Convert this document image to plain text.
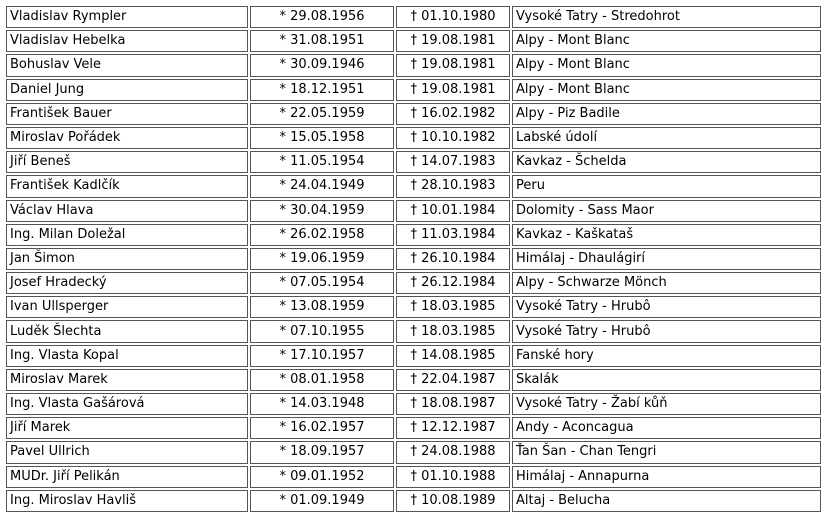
Vladislav Rympler	* 29.08.1956	† 01.10.1980	Vysoké Tatry - Stredohrot
Vladislav Hebelka	* 31.08.1951	† 19.08.1981	Alpy - Mont Blanc
Bohuslav Vele	* 30.09.1946	† 19.08.1981	Alpy - Mont Blanc
Daniel Jung	* 18.12.1951	† 19.08.1981	Alpy - Mont Blanc
František Bauer	* 22.05.1959	† 16.02.1982	Alpy - Piz Badile
Miroslav Pořádek	* 15.05.1958	† 10.10.1982	Labské údolí
Jiří Beneš	* 11.05.1954	† 14.07.1983	Kavkaz - Šchelda
František Kadlčík	* 24.04.1949	† 28.10.1983	Peru
Václav Hlava	* 30.04.1959	† 10.01.1984	Dolomity - Sass Maor
Ing. Milan Doležal	* 26.02.1958	† 11.03.1984	Kavkaz - Kaškataš
Jan Šimon	* 19.06.1959	† 26.10.1984	Himálaj - Dhaulágirí
Josef Hradecký	* 07.05.1954	† 26.12.1984	Alpy - Schwarze Mönch
Ivan Ullsperger	* 13.08.1959	† 18.03.1985	Vysoké Tatry - Hrubô
Luděk Šlechta	* 07.10.1955	† 18.03.1985	Vysoké Tatry - Hrubô
Ing. Vlasta Kopal	* 17.10.1957	† 14.08.1985	Fanské hory
Miroslav Marek	* 08.01.1958	† 22.04.1987	Skalák
Ing. Vlasta Gašárová	* 14.03.1948	† 18.08.1987	Vysoké Tatry - Žabí kůň
Jiří Marek	* 16.02.1957	† 12.12.1987	Andy - Aconcagua
Pavel Ullrich	* 18.09.1957	† 24.08.1988	Ťan Šan - Chan Tengri
MUDr. Jiří Pelikán	* 09.01.1952	† 01.10.1988	Himálaj - Annapurna
Ing. Miroslav Havliš	* 01.09.1949	† 10.08.1989	Altaj - Belucha
